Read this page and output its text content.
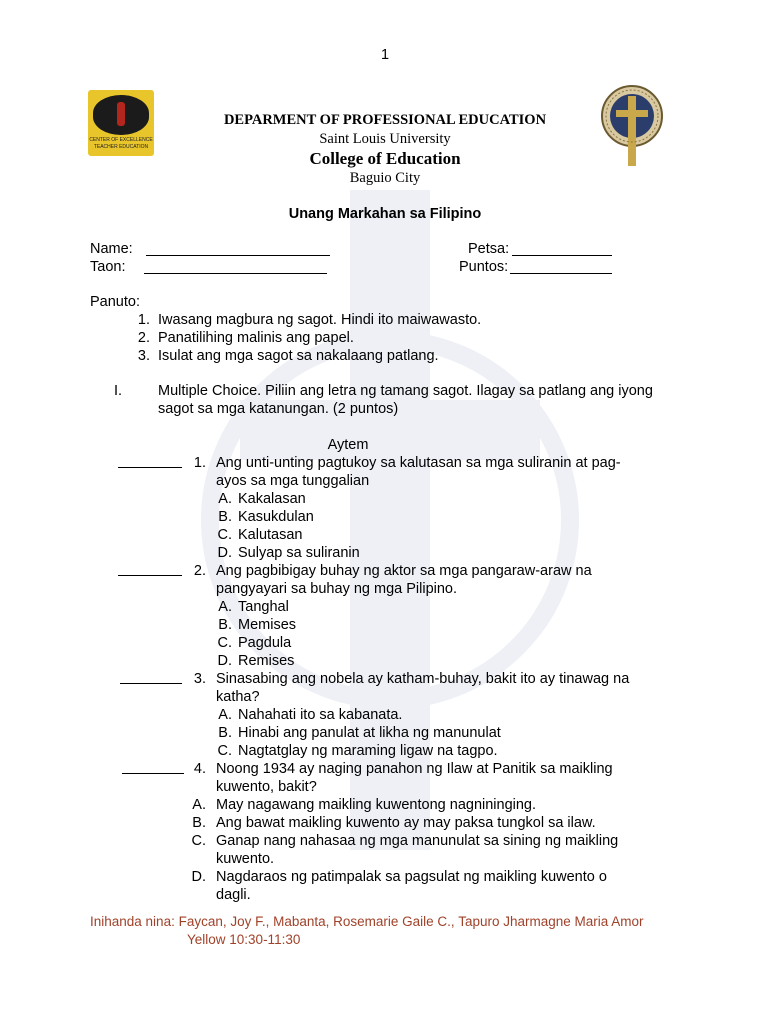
1
CENTER OF EXCELLENCE
TEACHER EDUCATION
DEPARMENT OF PROFESSIONAL EDUCATION
Saint Louis University
College of Education
Baguio City
Unang Markahan sa Filipino
Name:
Taon:
Petsa:
Puntos:
Panuto:
1. Iwasang magbura ng sagot. Hindi ito maiwawasto.
2. Panatilihing malinis ang papel.
3. Isulat ang mga sagot sa nakalaang patlang.
I. Multiple Choice. Piliin ang letra ng tamang sagot. Ilagay sa patlang ang iyong
sagot sa mga katanungan. (2 puntos)
Aytem
1. Ang unti-unting pagtukoy sa kalutasan sa mga suliranin at pag-
ayos sa mga tunggalian
A. Kakalasan
B. Kasukdulan
C. Kalutasan
D. Sulyap sa suliranin
2. Ang pagbibigay buhay ng aktor sa mga pangaraw-araw na
pangyayari sa buhay ng mga Pilipino.
A. Tanghal
B. Memises
C. Pagdula
D. Remises
3. Sinasabing ang nobela ay katham-buhay, bakit ito ay tinawag na
katha?
A. Nahahati ito sa kabanata.
B. Hinabi ang panulat at likha ng manunulat
C. Nagtatglay ng maraming ligaw na tagpo.
4. Noong 1934 ay naging panahon ng Ilaw at Panitik sa maikling
kuwento, bakit?
A. May nagawang maikling kuwentong nagnininging.
B. Ang bawat maikling kuwento ay may paksa tungkol sa ilaw.
C. Ganap nang nahasaa ng mga manunulat sa sining ng maikling
kuwento.
D. Nagdaraos ng patimpalak sa pagsulat ng maikling kuwento o
dagli.
Inihanda nina: Faycan, Joy F., Mabanta, Rosemarie Gaile C., Tapuro Jharmagne Maria Amor
Yellow 10:30-11:30
